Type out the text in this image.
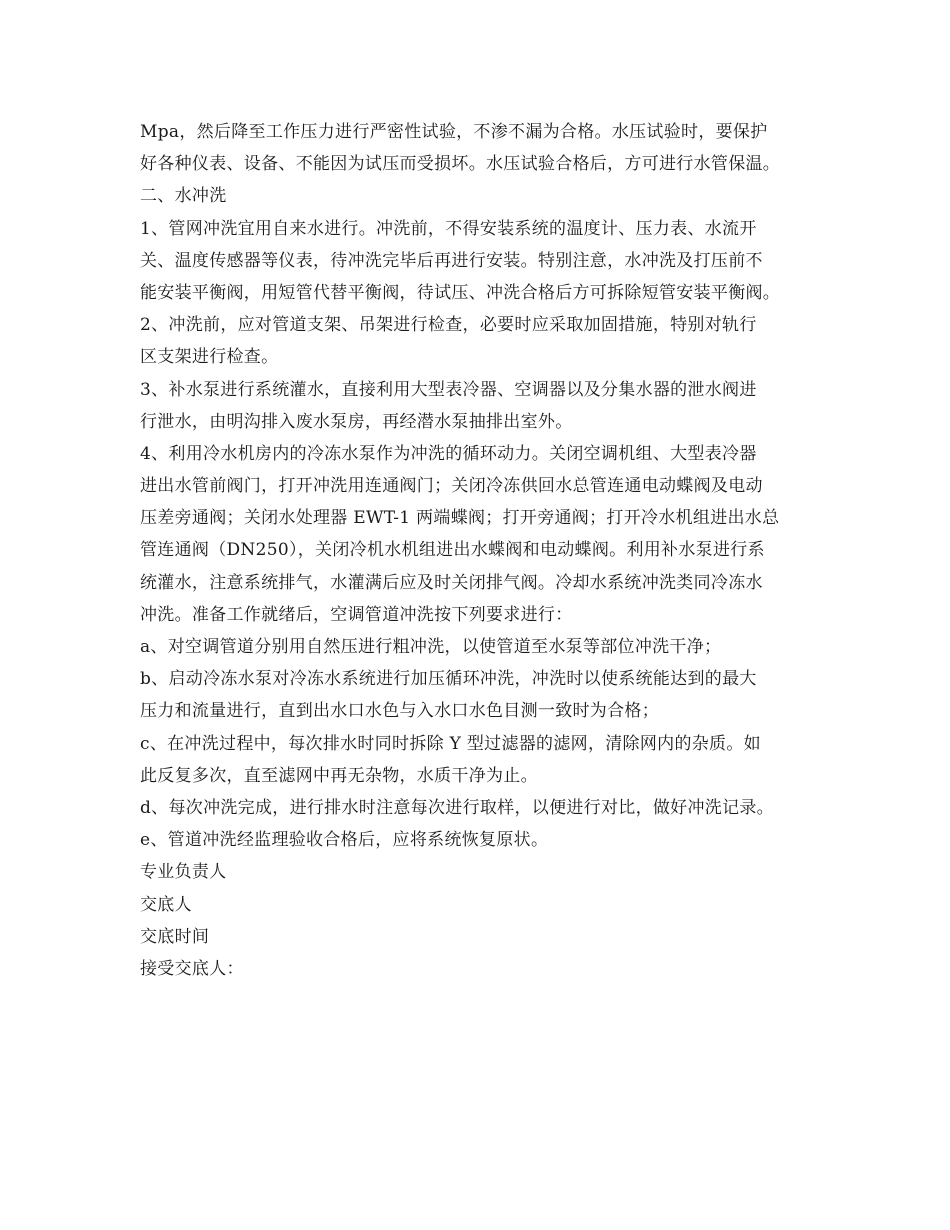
Mpa，然后降至工作压力进行严密性试验，不渗不漏为合格。水压试验时，要保护
好各种仪表、设备、不能因为试压而受损坏。水压试验合格后，方可进行水管保温。
二、水冲洗
1、管网冲洗宜用自来水进行。冲洗前，不得安装系统的温度计、压力表、水流开
关、温度传感器等仪表，待冲洗完毕后再进行安装。特别注意，水冲洗及打压前不
能安装平衡阀，用短管代替平衡阀，待试压、冲洗合格后方可拆除短管安装平衡阀。
2、冲洗前，应对管道支架、吊架进行检查，必要时应采取加固措施，特别对轨行
区支架进行检查。
3、补水泵进行系统灌水，直接利用大型表冷器、空调器以及分集水器的泄水阀进
行泄水，由明沟排入废水泵房，再经潜水泵抽排出室外。
4、利用冷水机房内的冷冻水泵作为冲洗的循环动力。关闭空调机组、大型表冷器
进出水管前阀门，打开冲洗用连通阀门；关闭冷冻供回水总管连通电动蝶阀及电动
压差旁通阀；关闭水处理器 EWT-1 两端蝶阀；打开旁通阀；打开冷水机组进出水总
管连通阀（DN250），关闭冷机水机组进出水蝶阀和电动蝶阀。利用补水泵进行系
统灌水，注意系统排气，水灌满后应及时关闭排气阀。冷却水系统冲洗类同冷冻水
冲洗。准备工作就绪后，空调管道冲洗按下列要求进行：
a、对空调管道分别用自然压进行粗冲洗，以使管道至水泵等部位冲洗干净；
b、启动冷冻水泵对冷冻水系统进行加压循环冲洗，冲洗时以使系统能达到的最大
压力和流量进行，直到出水口水色与入水口水色目测一致时为合格；
c、在冲洗过程中，每次排水时同时拆除 Y 型过滤器的滤网，清除网内的杂质。如
此反复多次，直至滤网中再无杂物，水质干净为止。
d、每次冲洗完成，进行排水时注意每次进行取样，以便进行对比，做好冲洗记录。
e、管道冲洗经监理验收合格后，应将系统恢复原状。
专业负责人
交底人
交底时间
接受交底人：
